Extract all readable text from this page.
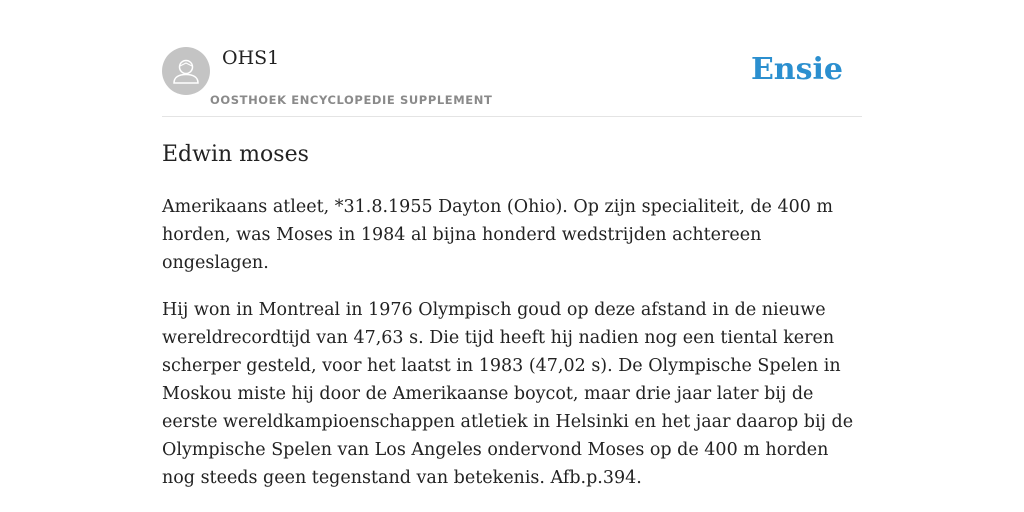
OHS1
OOSTHOEK ENCYCLOPEDIE SUPPLEMENT
Ensie
Edwin moses

Amerikaans atleet, *31.8.1955 Dayton (Ohio). Op zijn specialiteit, de 400 m horden, was Moses in 1984 al bijna honderd wedstrijden achtereen ongeslagen.

Hij won in Montreal in 1976 Olympisch goud op deze afstand in de nieuwe wereldrecordtijd van 47,63 s. Die tijd heeft hij nadien nog een tiental keren scherper gesteld, voor het laatst in 1983 (47,02 s). De Olympische Spelen in Moskou miste hij door de Amerikaanse boycot, maar drie jaar later bij de eerste wereldkampioenschappen atletiek in Helsinki en het jaar daarop bij de Olympische Spelen van Los Angeles ondervond Moses op de 400 m horden nog steeds geen tegenstand van betekenis. Afb.p.394.
